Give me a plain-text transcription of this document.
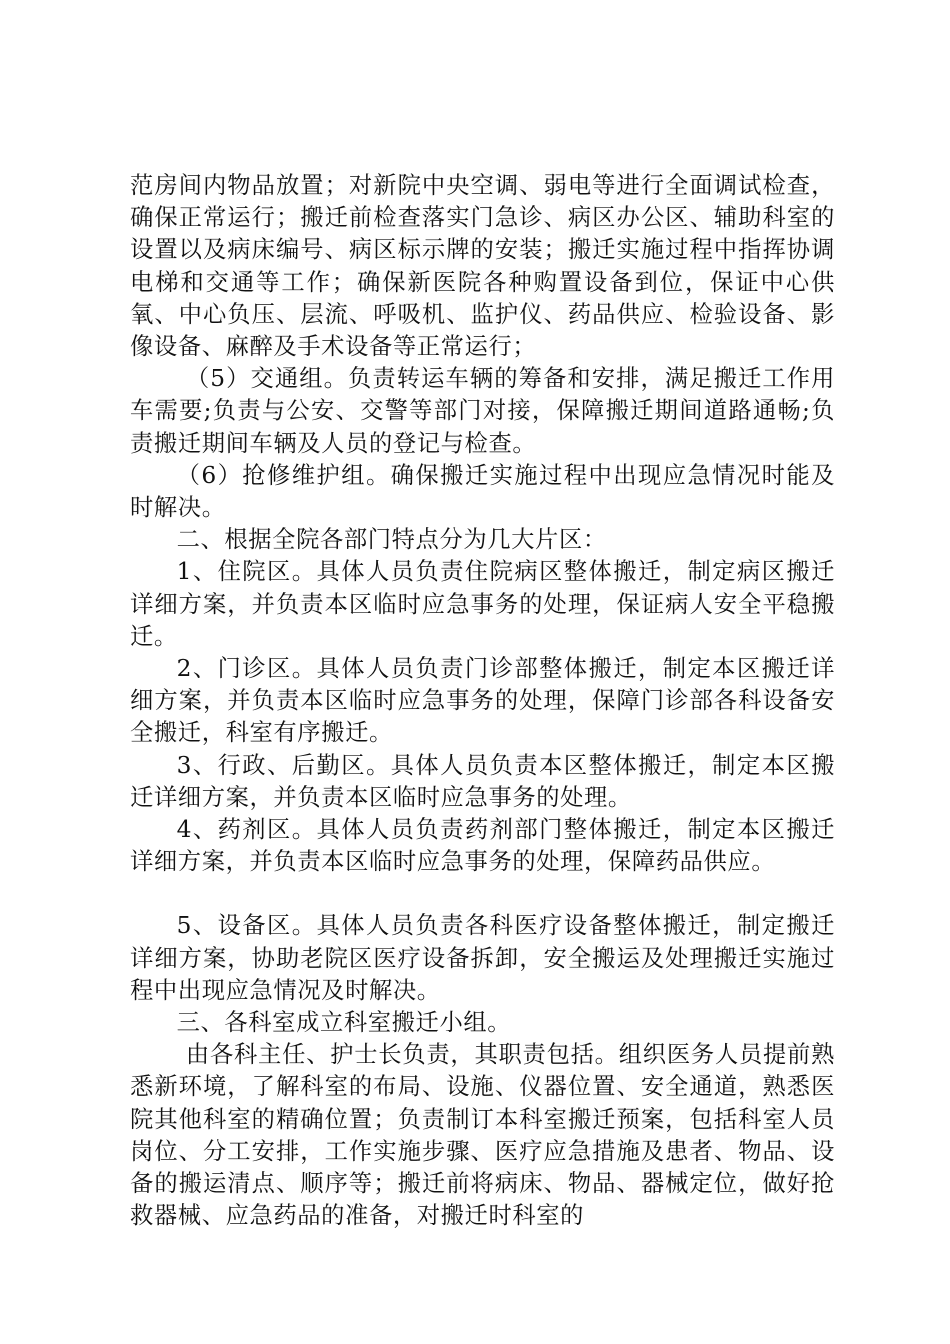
范房间内物品放置；对新院中央空调、弱电等进行全面调试检查，确保正常运行；搬迁前检查落实门急诊、病区办公区、辅助科室的设置以及病床编号、病区标示牌的安装；搬迁实施过程中指挥协调电梯和交通等工作；确保新医院各种购置设备到位，保证中心供氧、中心负压、层流、呼吸机、监护仪、药品供应、检验设备、影像设备、麻醉及手术设备等正常运行；

（5）交通组。负责转运车辆的筹备和安排，满足搬迁工作用车需要;负责与公安、交警等部门对接，保障搬迁期间道路通畅;负责搬迁期间车辆及人员的登记与检查。

（6）抢修维护组。确保搬迁实施过程中出现应急情况时能及时解决。

二、根据全院各部门特点分为几大片区：

1、住院区。具体人员负责住院病区整体搬迁，制定病区搬迁详细方案，并负责本区临时应急事务的处理，保证病人安全平稳搬迁。

2、门诊区。具体人员负责门诊部整体搬迁，制定本区搬迁详细方案，并负责本区临时应急事务的处理，保障门诊部各科设备安全搬迁，科室有序搬迁。

3、行政、后勤区。具体人员负责本区整体搬迁，制定本区搬迁详细方案，并负责本区临时应急事务的处理。

4、药剂区。具体人员负责药剂部门整体搬迁，制定本区搬迁详细方案，并负责本区临时应急事务的处理，保障药品供应。

5、设备区。具体人员负责各科医疗设备整体搬迁，制定搬迁详细方案，协助老院区医疗设备拆卸，安全搬运及处理搬迁实施过程中出现应急情况及时解决。

三、各科室成立科室搬迁小组。

由各科主任、护士长负责，其职责包括。组织医务人员提前熟悉新环境，了解科室的布局、设施、仪器位置、安全通道，熟悉医院其他科室的精确位置；负责制订本科室搬迁预案，包括科室人员岗位、分工安排，工作实施步骤、医疗应急措施及患者、物品、设备的搬运清点、顺序等；搬迁前将病床、物品、器械定位，做好抢救器械、应急药品的准备，对搬迁时科室的
